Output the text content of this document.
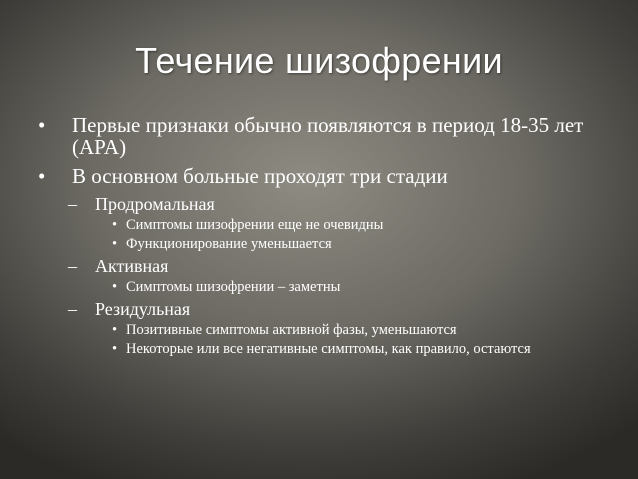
Течение шизофрении
• Первые признаки обычно появляются в период 18-35 лет (APA)
• В основном больные проходят три стадии
– Продромальная
• Симптомы шизофрении еще не очевидны
• Функционирование уменьшается
– Активная
• Симптомы шизофрении – заметны
– Резидульная
• Позитивные симптомы активной фазы, уменьшаются
• Некоторые или все негативные симптомы, как правило, остаются
